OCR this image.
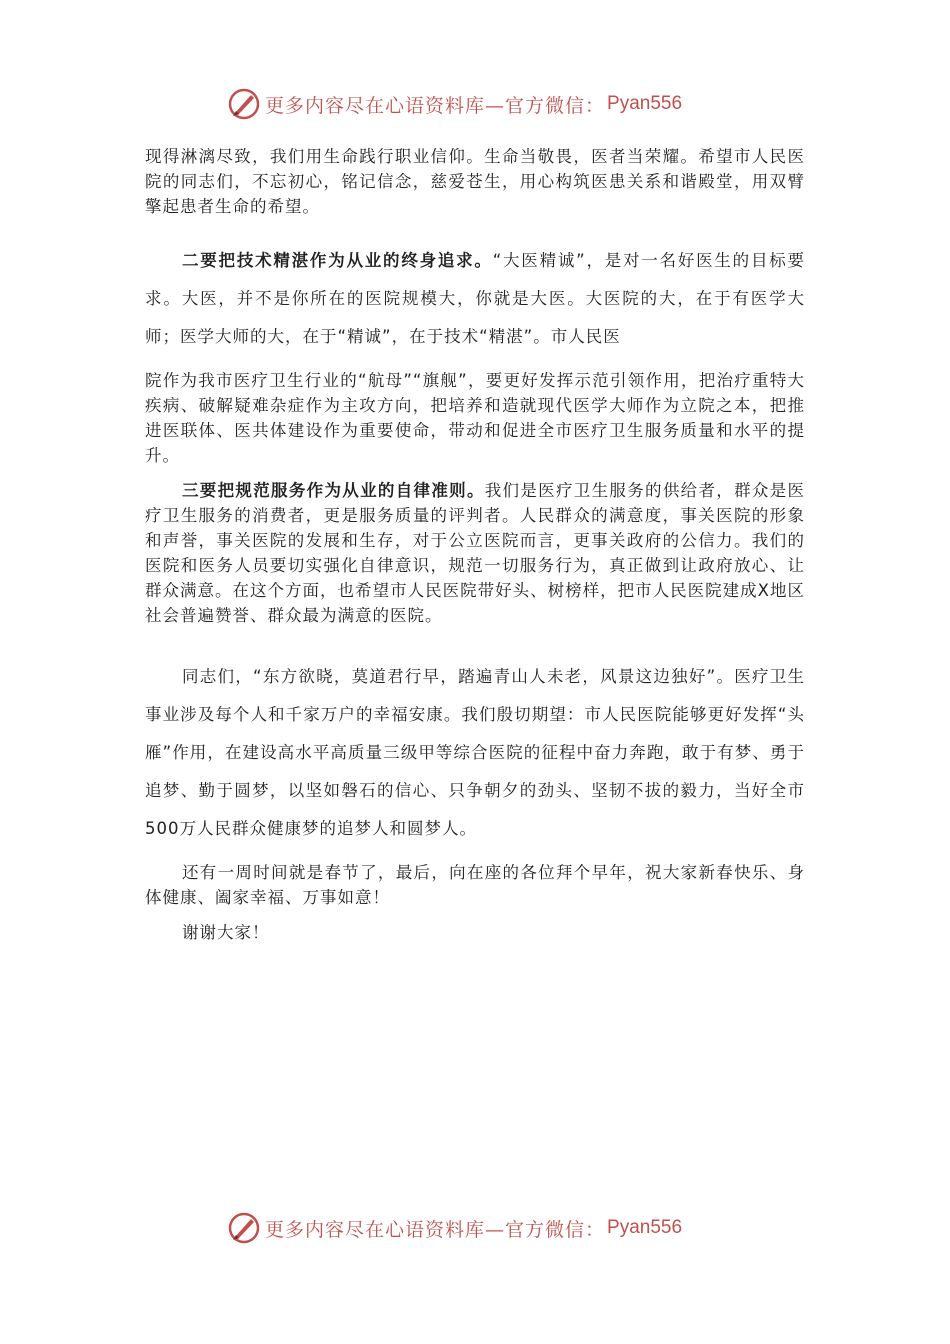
更多内容尽在心语资料库—官方微信： Pyan556

现得淋漓尽致，我们用生命践行职业信仰。生命当敬畏，医者当荣耀。希望市人民医院的同志们，不忘初心，铭记信念，慈爱苍生，用心构筑医患关系和谐殿堂，用双臂擎起患者生命的希望。

二要把技术精湛作为从业的终身追求。“大医精诚”，是对一名好医生的目标要求。大医，并不是你所在的医院规模大，你就是大医。大医院的大，在于有医学大师；医学大师的大，在于“精诚”，在于技术“精湛”。市人民医

院作为我市医疗卫生行业的“航母”“旗舰”，要更好发挥示范引领作用，把治疗重特大疾病、破解疑难杂症作为主攻方向，把培养和造就现代医学大师作为立院之本，把推进医联体、医共体建设作为重要使命，带动和促进全市医疗卫生服务质量和水平的提升。

三要把规范服务作为从业的自律准则。我们是医疗卫生服务的供给者，群众是医疗卫生服务的消费者，更是服务质量的评判者。人民群众的满意度，事关医院的形象和声誉，事关医院的发展和生存，对于公立医院而言，更事关政府的公信力。我们的医院和医务人员要切实强化自律意识，规范一切服务行为，真正做到让政府放心、让群众满意。在这个方面，也希望市人民医院带好头、树榜样，把市人民医院建成X地区社会普遍赞誉、群众最为满意的医院。

同志们，“东方欲晓，莫道君行早，踏遍青山人未老，风景这边独好”。医疗卫生事业涉及每个人和千家万户的幸福安康。我们殷切期望：市人民医院能够更好发挥“头雁”作用，在建设高水平高质量三级甲等综合医院的征程中奋力奔跑，敢于有梦、勇于追梦、勤于圆梦，以坚如磐石的信心、只争朝夕的劲头、坚韧不拔的毅力，当好全市500万人民群众健康梦的追梦人和圆梦人。

还有一周时间就是春节了，最后，向在座的各位拜个早年，祝大家新春快乐、身体健康、阖家幸福、万事如意！

谢谢大家！

更多内容尽在心语资料库—官方微信： Pyan556
